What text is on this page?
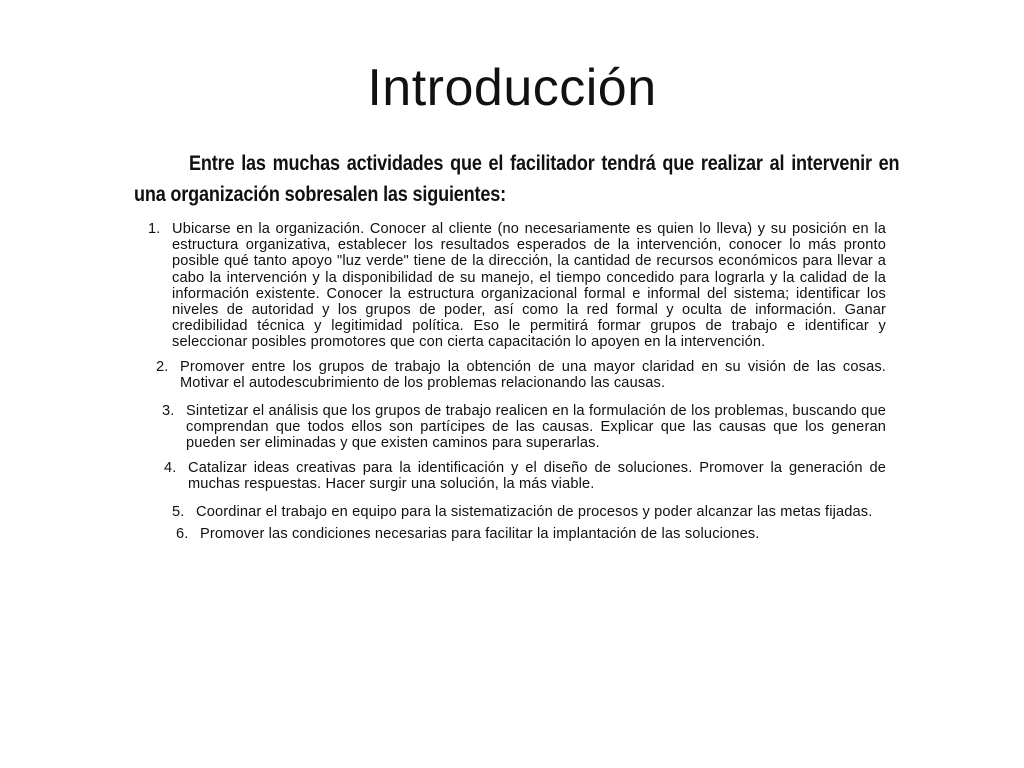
Introducción

Entre las muchas actividades que el facilitador tendrá que realizar al intervenir en una organización sobresalen las siguientes:

1. Ubicarse en la organización. Conocer al cliente (no necesariamente es quien lo lleva) y su posición en la estructura organizativa, establecer los resultados esperados de la intervención, conocer lo más pronto posible qué tanto apoyo "luz verde" tiene de la dirección, la cantidad de recursos económicos para llevar a cabo la intervención y la disponibilidad de su manejo, el tiempo concedido para lograrla y la calidad de la información existente. Conocer la estructura organizacional formal e informal del sistema; identificar los niveles de autoridad y los grupos de poder, así como la red formal y oculta de información. Ganar credibilidad técnica y legitimidad política. Eso le permitirá formar grupos de trabajo e identificar y seleccionar posibles promotores que con cierta capacitación lo apoyen en la intervención.
2. Promover entre los grupos de trabajo la obtención de una mayor claridad en su visión de las cosas. Motivar el autodescubrimiento de los problemas relacionando las causas.
3. Sintetizar el análisis que los grupos de trabajo realicen en la formulación de los problemas, buscando que comprendan que todos ellos son partícipes de las causas. Explicar que las causas que los generan pueden ser eliminadas y que existen caminos para superarlas.
4. Catalizar ideas creativas para la identificación y el diseño de soluciones. Promover la generación de muchas respuestas. Hacer surgir una solución, la más viable.
5. Coordinar el trabajo en equipo para la sistematización de procesos y poder alcanzar las metas fijadas.
6. Promover las condiciones necesarias para facilitar la implantación de las soluciones.
